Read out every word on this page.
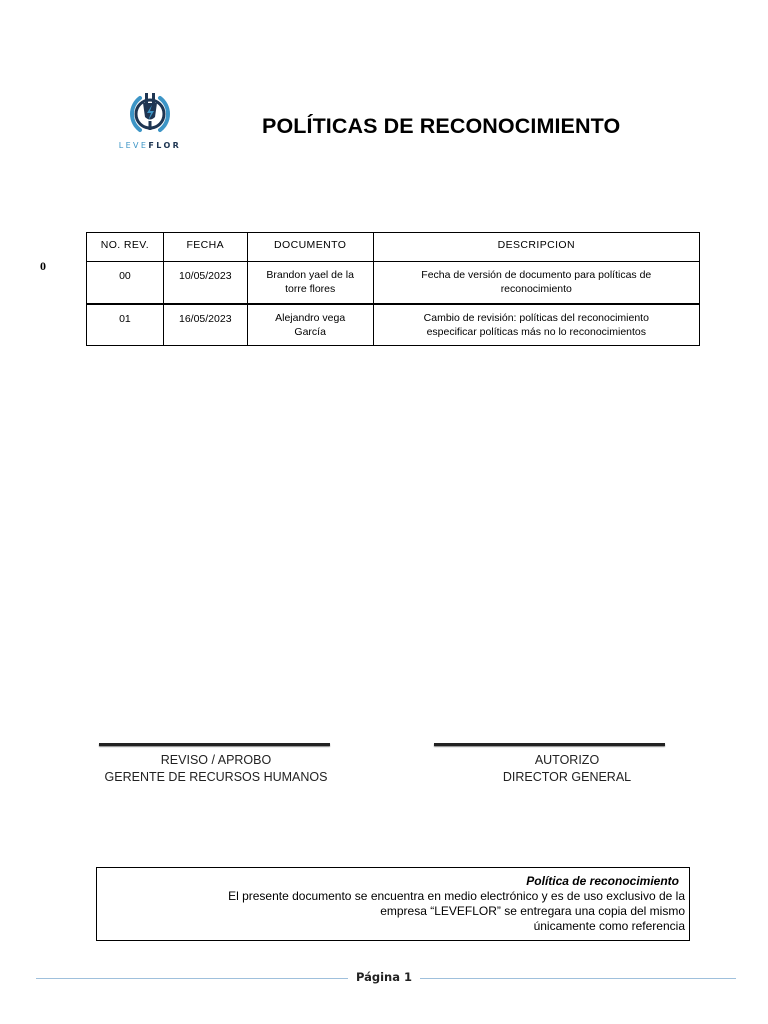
LEVEFLOR
POLÍTICAS DE RECONOCIMIENTO
0
NO. REV.	FECHA	DOCUMENTO	DESCRIPCION
00	10/05/2023	Brandon yael de la torre flores	Fecha de versión de documento para políticas de reconocimiento
01	16/05/2023	Alejandro vega García	Cambio de revisión: políticas del reconocimiento especificar políticas más no lo reconocimientos
REVISO / APROBO
GERENTE DE RECURSOS HUMANOS
AUTORIZO
DIRECTOR GENERAL
Política de reconocimiento
El presente documento se encuentra en medio electrónico y es de uso exclusivo de la
empresa “LEVEFLOR” se entregara una copia del mismo
únicamente como referencia
Página 1
